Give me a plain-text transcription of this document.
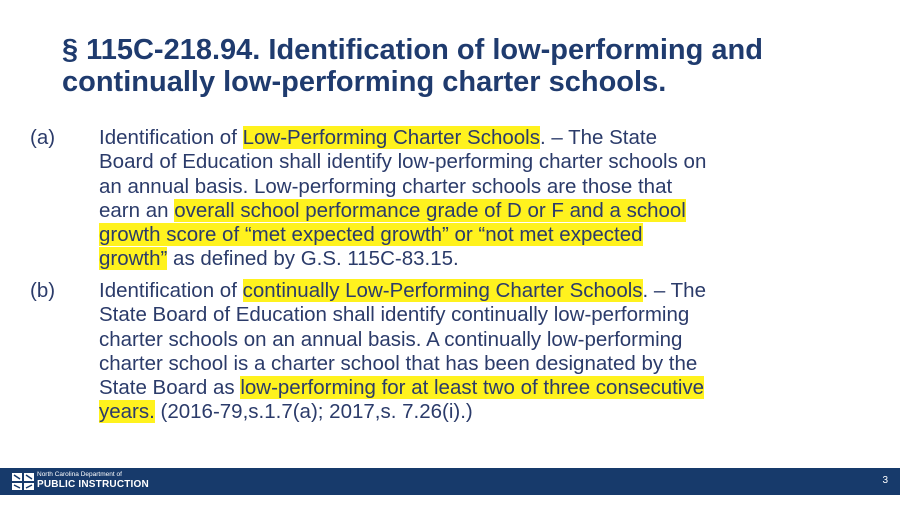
§ 115C-218.94. Identification of low-performing and
continually low-performing charter schools.
(a) Identification of Low-Performing Charter Schools. – The State
Board of Education shall identify low-performing charter schools on
an annual basis. Low-performing charter schools are those that
earn an overall school performance grade of D or F and a school
growth score of “met expected growth” or “not met expected
growth” as defined by G.S. 115C-83.15.
(b) Identification of continually Low-Performing Charter Schools. – The
State Board of Education shall identify continually low-performing
charter schools on an annual basis. A continually low-performing
charter school is a charter school that has been designated by the
State Board as low-performing for at least two of three consecutive
years. (2016-79,s.1.7(a); 2017,s. 7.26(i).)
North Carolina Department of
PUBLIC INSTRUCTION	3
